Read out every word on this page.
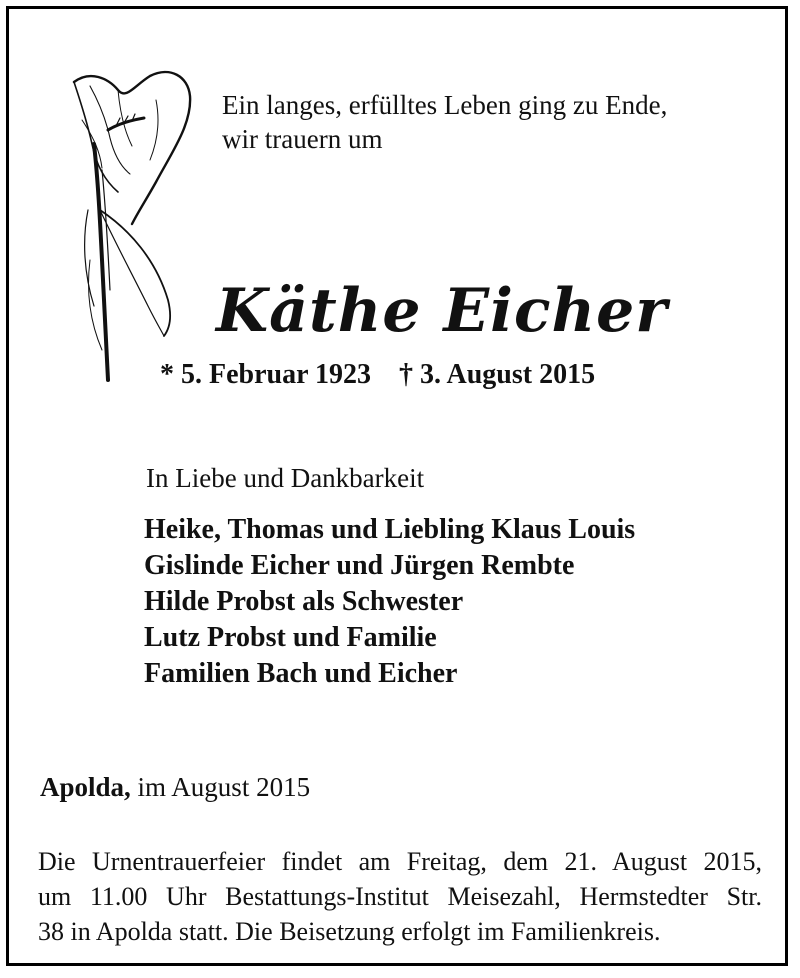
Ein langes, erfülltes Leben ging zu Ende,
wir trauern um
Käthe Eicher
* 5. Februar 1923 † 3. August 2015
In Liebe und Dankbarkeit
Heike, Thomas und Liebling Klaus Louis
Gislinde Eicher und Jürgen Rembte
Hilde Probst als Schwester
Lutz Probst und Familie
Familien Bach und Eicher
Apolda, im August 2015
Die Urnentrauerfeier findet am Freitag, dem 21. August 2015,
um 11.00 Uhr Bestattungs-Institut Meisezahl, Hermstedter Str.
38 in Apolda statt. Die Beisetzung erfolgt im Familienkreis.
